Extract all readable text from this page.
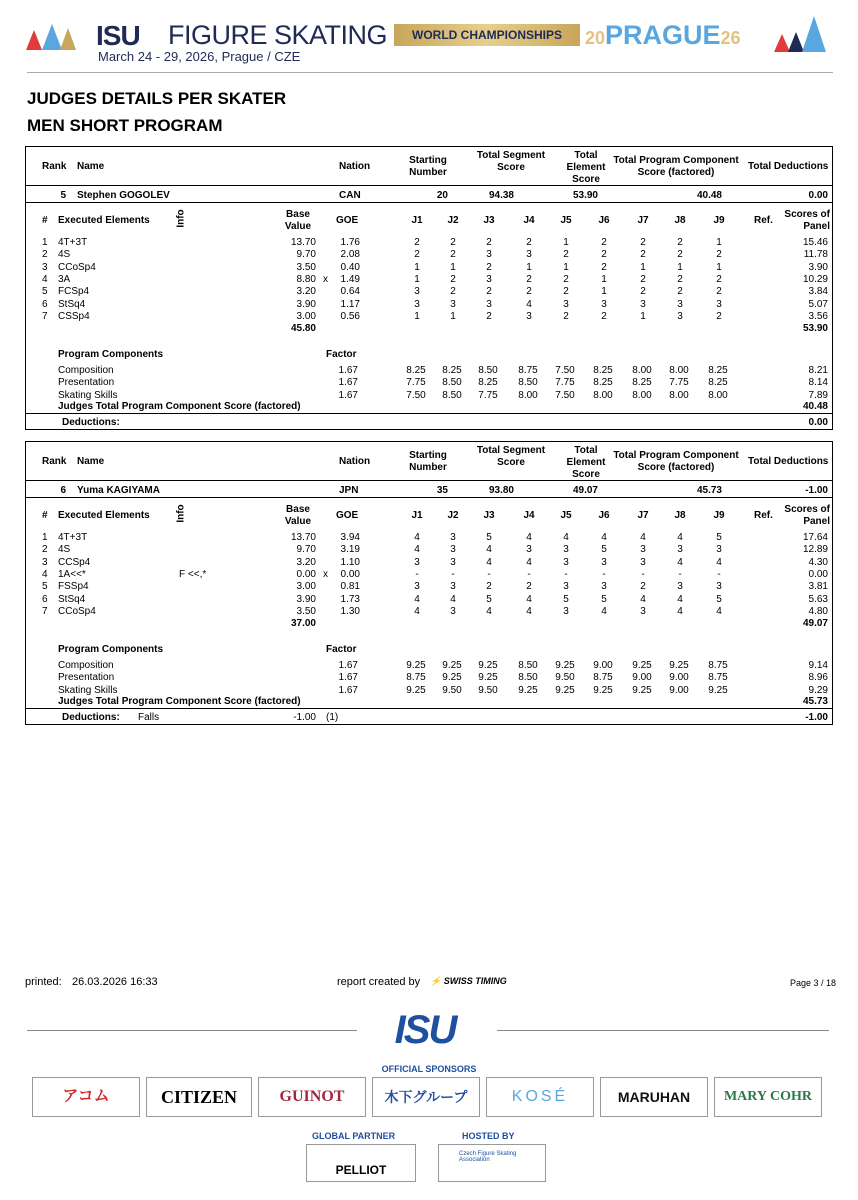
ISU FIGURE SKATING	WORLD CHAMPIONSHIPS
March 24 - 29, 2026, Prague / CZE
20PRAGUE26
JUDGES DETAILS PER SKATER
MEN SHORT PROGRAM
Rank Name	Nation
Starting Number
Total Segment Score
Total Element Score
Total Program Component Score (factored)
Total Deductions
5 Stephen GOGOLEV	CAN	20	94.38	53.90	40.48	0.00
# Executed Elements	Info	Base Value
GOE	J1	J2	J3	J4	J5	J6	J7	J8	J9	Ref.
Scores of Panel
1 4T+3T	13.70	1.76	2	2	2	2	1	2	2	2	1	15.46
2 4S	9.70	2.08	2	2	3	3	2	2	2	2	2	11.78
3 CCoSp4	3.50	0.40	1	1	2	1	1	2	1	1	1	3.90
4 3A	8.80 x	1.49	1	2	3	2	2	1	2	2	2	10.29
5 FCSp4	3.20	0.64	3	2	2	2	2	1	2	2	2	3.84
6 StSq4	3.90	1.17	3	3	3	4	3	3	3	3	3	5.07
7 CSSp4	3.00	0.56	1	1	2	3	2	2	1	3	2	3.56
45.80	53.90
Program Components	Factor
Composition	1.67	8.25	8.25	8.50	8.75	7.50	8.25	8.00	8.00	8.25	8.21
Presentation	1.67	7.75	8.50	8.25	8.50	7.75	8.25	8.25	7.75	8.25	8.14
Skating Skills	1.67	7.50	8.50	7.75	8.00	7.50	8.00	8.00	8.00	8.00	7.89
Judges Total Program Component Score (factored)	40.48
Deductions:	0.00
Rank Name	Nation
Starting Number
Total Segment Score
Total Element Score
Total Program Component Score (factored)
Total Deductions
6 Yuma KAGIYAMA	JPN	35	93.80	49.07	45.73	-1.00
# Executed Elements	Info	Base Value
GOE	J1	J2	J3	J4	J5	J6	J7	J8	J9	Ref.
Scores of Panel
1 4T+3T	13.70	3.94	4	3	5	4	4	4	4	4	5	17.64
2 4S	9.70	3.19	4	3	4	3	3	5	3	3	3	12.89
3 CCSp4	3.20	1.10	3	3	4	4	3	3	3	4	4	4.30
4 1A<<*	F <<,*	0.00 x	0.00	-	-	-	-	-	-	-	-	-	0.00
5 FSSp4	3.00	0.81	3	3	2	2	3	3	2	3	3	3.81
6 StSq4	3.90	1.73	4	4	5	4	5	5	4	4	5	5.63
7 CCoSp4	3.50	1.30	4	3	4	4	3	4	3	4	4	4.80
37.00	49.07
Program Components	Factor
Composition	1.67	9.25	9.25	9.25	8.50	9.25	9.00	9.25	9.25	8.75	9.14
Presentation	1.67	8.75	9.25	9.25	8.50	9.50	8.75	9.00	9.00	8.75	8.96
Skating Skills	1.67	9.25	9.50	9.50	9.25	9.25	9.25	9.25	9.00	9.25	9.29
Judges Total Program Component Score (factored)	45.73
Deductions: Falls	-1.00 (1)	-1.00
printed: 26.03.2026 16:33	report created by ⚡ SWISS TIMING	Page 3 / 18
ISU
OFFICIAL SPONSORS
アコム	CITIZEN	GUINOT	木下グループ	KOSÉ	MARUHAN	MARY COHR
GLOBAL PARTNER	HOSTED BY
PELLIOT
Czech Figure Skating Association
